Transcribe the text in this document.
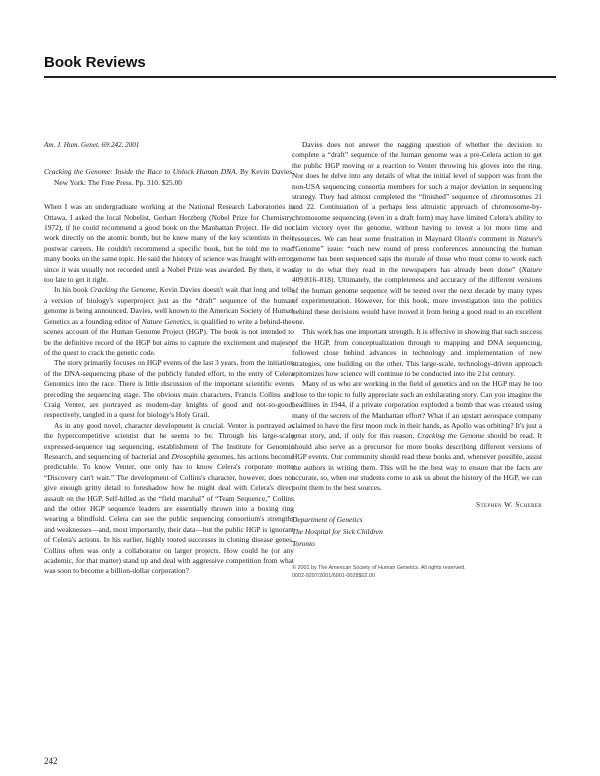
Book Reviews
Am. J. Hum. Genet. 69:242, 2001
Cracking the Genome: Inside the Race to Unlock Human DNA. By Kevin Davies. New York: The Free Press. Pp. 310. $25.00

When I was an undergraduate working at the National Research Laboratories in Ottawa, I asked the local Nobelist, Gerhart Herzberg (Nobel Prize for Chemistry, 1972), if he could recommend a good book on the Manhattan Project. He did not work directly on the atomic bomb, but he knew many of the key scientists in their postwar careers. He couldn't recommend a specific book, but he told me to read many books on the same topic. He said the history of science was fraught with error, since it was usually not recorded until a Nobel Prize was awarded. By then, it was too late to get it right.

In his book Cracking the Genome, Kevin Davies doesn't wait that long and tells a version of biology's superproject just as the “draft” sequence of the human genome is being announced. Davies, well known to the American Society of Human Genetics as a founding editor of Nature Genetics, is qualified to write a behind-the-scenes account of the Human Genome Project (HGP). The book is not intended to be the definitive record of the HGP but aims to capture the excitement and majesty of the quest to crack the genetic code.

The story primarily focuses on HGP events of the last 3 years, from the initiation of the DNA-sequencing phase of the publicly funded effort, to the entry of Celera Genomics into the race. There is little discussion of the important scientific events preceding the sequencing stage. The obvious main characters, Francis Collins and Craig Venter, are portrayed as modern-day knights of good and not-so-good, respectively, tangled in a quest for biology's Holy Grail.

As in any good novel, character development is crucial. Venter is portrayed as the hypercompetitive scientist that he seems to be. Through his large-scale expressed-sequence tag sequencing, establishment of The Institute for Genomic Research, and sequencing of bacterial and Drosophila genomes, his actions become predictable. To know Venter, one only has to know Celera's corporate motto “Discovery can't wait.” The development of Collins's character, however, does not give enough gritty detail to foreshadow how he might deal with Celera's direct assault on the HGP. Self-billed as the “field marshal” of “Team Sequence,” Collins and the other HGP sequence leaders are essentially thrown into a boxing ring wearing a blindfold. Celera can see the public sequencing consortium's strengths and weaknesses—and, most importantly, their data—but the public HGP is ignorant of Celera's actions. In his earlier, highly touted successes in cloning disease genes, Collins often was only a collaborator on larger projects. How could he (or any academic, for that matter) stand up and deal with aggressive competition from what was soon to become a billion-dollar corporation?

Davies does not answer the nagging question of whether the decision to complete a “draft” sequence of the human genome was a pre-Celera action to get the public HGP moving or a reaction to Venter throwing his gloves into the ring. Nor does he delve into any details of what the initial level of support was from the non-USA sequencing consortia members for such a major deviation in sequencing strategy. They had almost completed the “finished” sequence of chromosomes 21 and 22. Continuation of a perhaps less altruistic approach of chromosome-by-chromosome sequencing (even in a draft form) may have limited Celera's ability to claim victory over the genome, without having to invest a lot more time and resources. We can hear some frustration in Maynard Olson's comment in Nature's “Genome” issue: “each new round of press conferences announcing the human genome has been sequenced saps the morale of those who must come to work each day to do what they read in the newspapers has already been done” (Nature 409:816–818). Ultimately, the completeness and accuracy of the different versions of the human genome sequence will be tested over the next decade by many types of experimentation. However, for this book, more investigation into the politics behind these decisions would have moved it from being a good read to an excellent one.

This work has one important strength. It is effective in showing that each success of the HGP, from conceptualization through to mapping and DNA sequencing, followed close behind advances in technology and implementation of new strategies, one building on the other. This large-scale, technology-driven approach epitomizes how science will continue to be conducted into the 21st century.

Many of us who are working in the field of genetics and on the HGP may be too close to the topic to fully appreciate such an exhilarating story. Can you imagine the headlines in 1944, if a private corporation exploded a bomb that was created using many of the secrets of the Manhattan effort? What if an upstart aerospace company claimed to have the first moon rock in their hands, as Apollo was orbiting? It's just a great story, and, if only for this reason, Cracking the Genome should be read. It should also serve as a precursor for more books describing different versions of HGP events. Our community should read these books and, whenever possible, assist the authors in writing them. This will be the best way to ensure that the facts are accurate, so, when our students come to ask us about the history of the HGP, we can point them to the best sources.

Stephen W. Scherer

Department of Genetics
The Hospital for Sick Children
Toronto
© 2001 by The American Society of Human Genetics. All rights reserved.
0002-9297/2001/6901-0028$02.00
242
